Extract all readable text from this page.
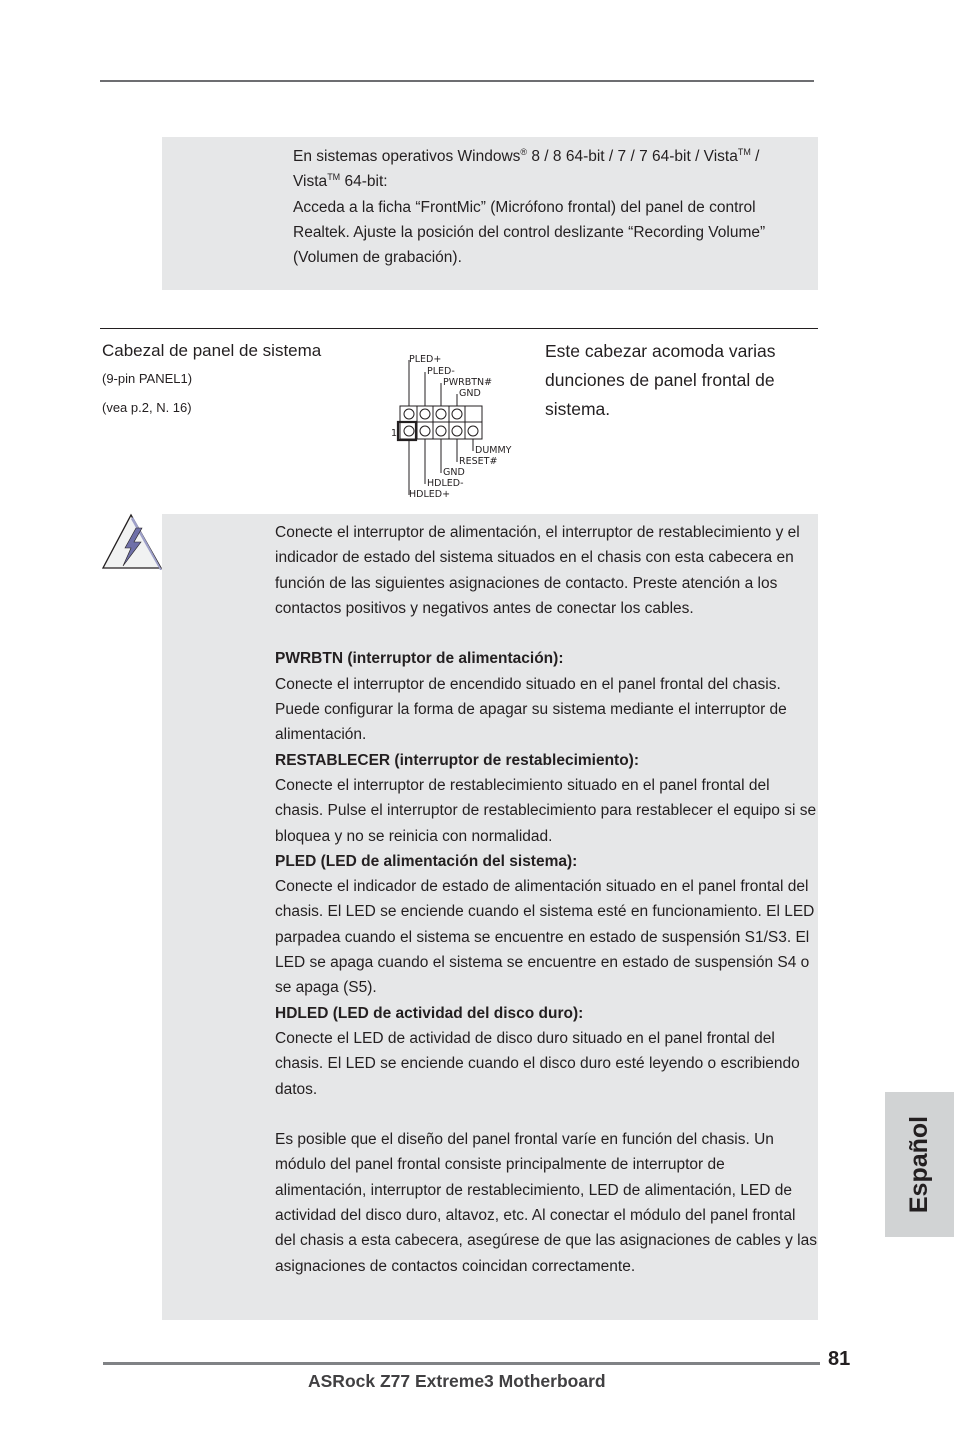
En sistemas operativos Windows® 8 / 8 64-bit / 7 / 7 64-bit / Vista™ /
Vista™ 64-bit:

Acceda a la ficha “FrontMic” (Micrófono frontal) del panel de control Realtek. Ajuste la posición del control deslizante “Recording Volume” (Volumen de grabación).

Cabezal de panel de sistema
(9-pin PANEL1)
(vea p.2, N. 16)
Este cabezar acomoda varias dunciones de panel frontal de sistema.
PLED+
PLED-
PWRBTN#
GND
DUMMY
RESET#
GND
HDLED-
HDLED+
1

Conecte el interruptor de alimentación, el interruptor de restablecimiento y el indicador de estado del sistema situados en el chasis con esta cabecera en función de las siguientes asignaciones de contacto. Preste atención a los contactos positivos y negativos antes de conectar los cables.

PWRBTN (interruptor de alimentación):

Conecte el interruptor de encendido situado en el panel frontal del chasis. Puede configurar la forma de apagar su sistema mediante el interruptor de alimentación.

RESTABLECER (interruptor de restablecimiento):

Conecte el interruptor de restablecimiento situado en el panel frontal del chasis. Pulse el interruptor de restablecimiento para restablecer el equipo si se bloquea y no se reinicia con normalidad.

PLED (LED de alimentación del sistema):

Conecte el indicador de estado de alimentación situado en el panel frontal del chasis. El LED se enciende cuando el sistema esté en funcionamiento. El LED parpadea cuando el sistema se encuentre en estado de suspensión S1/S3. El LED se apaga cuando el sistema se encuentre en estado de suspensión S4 o se apaga (S5).

HDLED (LED de actividad del disco duro):

Conecte el LED de actividad de disco duro situado en el panel frontal del chasis. El LED se enciende cuando el disco duro esté leyendo o escribiendo datos.

Es posible que el diseño del panel frontal varíe en función del chasis. Un módulo del panel frontal consiste principalmente de interruptor de alimentación, interruptor de restablecimiento, LED de alimentación, LED de actividad del disco duro, altavoz, etc. Al conectar el módulo del panel frontal del chasis a esta cabecera, asegúrese de que las asignaciones de cables y las asignaciones de contactos coincidan correctamente.

Español
81
ASRock Z77 Extreme3 Motherboard
